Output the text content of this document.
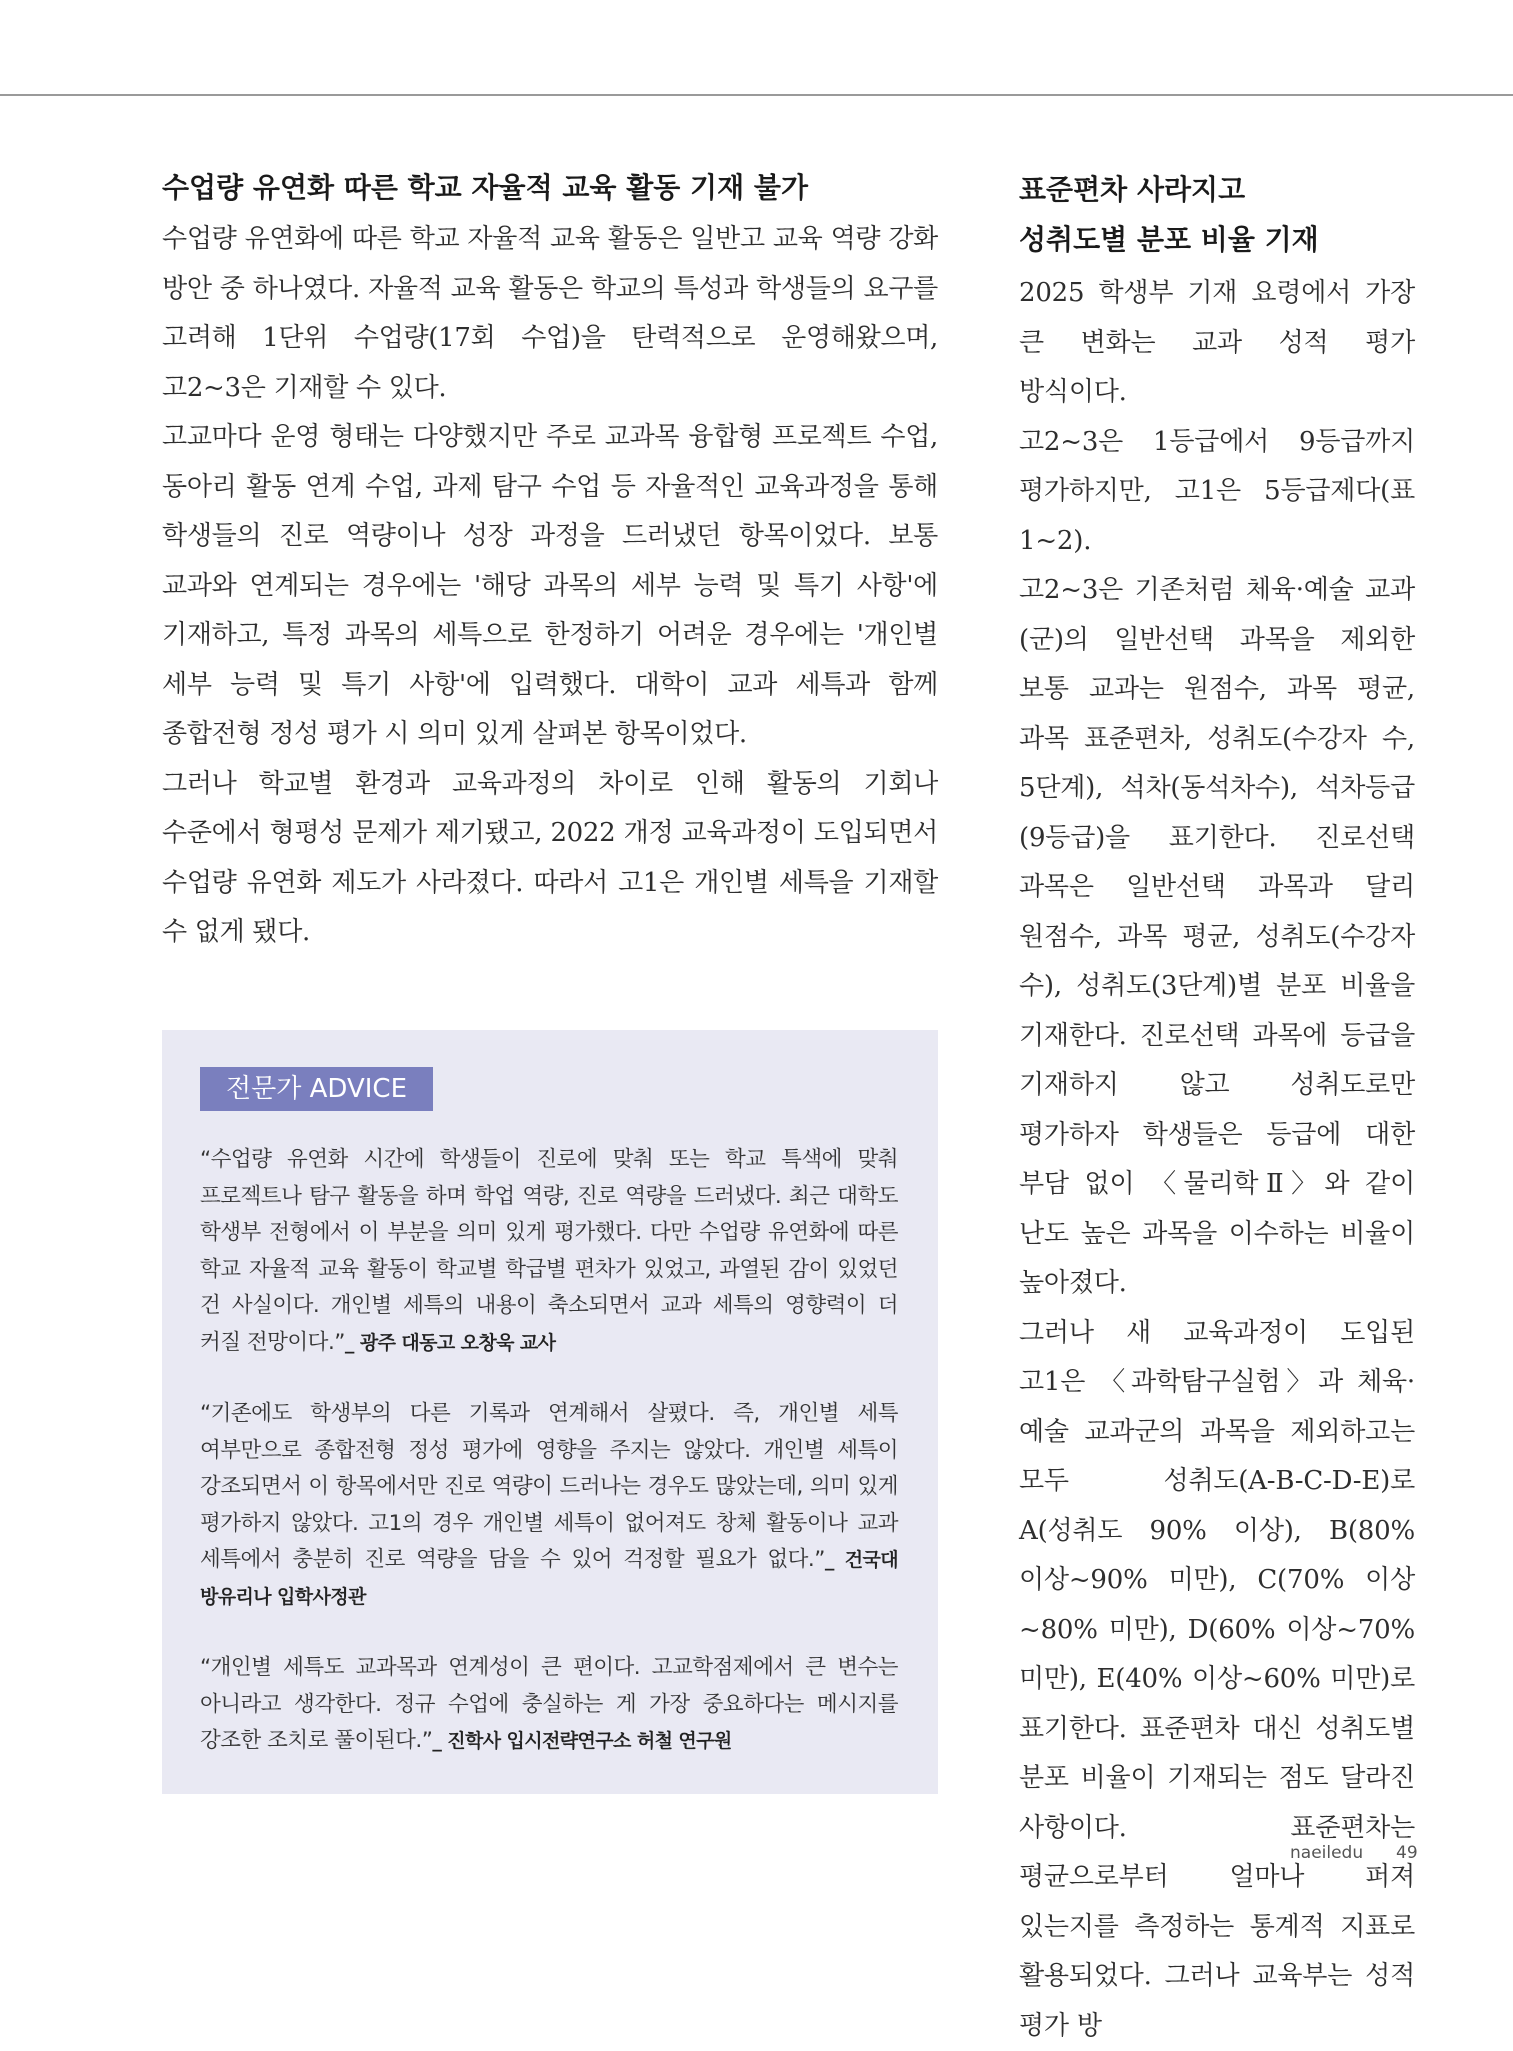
수업량 유연화 따른 학교 자율적 교육 활동 기재 불가

수업량 유연화에 따른 학교 자율적 교육 활동은 일반고 교육 역량 강화 방안 중 하나였다. 자율적 교육 활동은 학교의 특성과 학생들의 요구를 고려해 1단위 수업량(17회 수업)을 탄력적으로 운영해왔으며, 고2~3은 기재할 수 있다.

고교마다 운영 형태는 다양했지만 주로 교과목 융합형 프로젝트 수업, 동아리 활동 연계 수업, 과제 탐구 수업 등 자율적인 교육과정을 통해 학생들의 진로 역량이나 성장 과정을 드러냈던 항목이었다. 보통 교과와 연계되는 경우에는 '해당 과목의 세부 능력 및 특기 사항'에 기재하고, 특정 과목의 세특으로 한정하기 어려운 경우에는 '개인별 세부 능력 및 특기 사항'에 입력했다. 대학이 교과 세특과 함께 종합전형 정성 평가 시 의미 있게 살펴본 항목이었다.

그러나 학교별 환경과 교육과정의 차이로 인해 활동의 기회나 수준에서 형평성 문제가 제기됐고, 2022 개정 교육과정이 도입되면서 수업량 유연화 제도가 사라졌다. 따라서 고1은 개인별 세특을 기재할 수 없게 됐다.

전문가 ADVICE

“수업량 유연화 시간에 학생들이 진로에 맞춰 또는 학교 특색에 맞춰 프로젝트나 탐구 활동을 하며 학업 역량, 진로 역량을 드러냈다. 최근 대학도 학생부 전형에서 이 부분을 의미 있게 평가했다. 다만 수업량 유연화에 따른 학교 자율적 교육 활동이 학교별 학급별 편차가 있었고, 과열된 감이 있었던 건 사실이다. 개인별 세특의 내용이 축소되면서 교과 세특의 영향력이 더 커질 전망이다.”_ 광주 대동고 오창욱 교사

“기존에도 학생부의 다른 기록과 연계해서 살폈다. 즉, 개인별 세특 여부만으로 종합전형 정성 평가에 영향을 주지는 않았다. 개인별 세특이 강조되면서 이 항목에서만 진로 역량이 드러나는 경우도 많았는데, 의미 있게 평가하지 않았다. 고1의 경우 개인별 세특이 없어져도 창체 활동이나 교과 세특에서 충분히 진로 역량을 담을 수 있어 걱정할 필요가 없다.”_ 건국대 방유리나 입학사정관

“개인별 세특도 교과목과 연계성이 큰 편이다. 고교학점제에서 큰 변수는 아니라고 생각한다. 정규 수업에 충실하는 게 가장 중요하다는 메시지를 강조한 조치로 풀이된다.”_ 진학사 입시전략연구소 허철 연구원

표준편차 사라지고
성취도별 분포 비율 기재

2025 학생부 기재 요령에서 가장 큰 변화는 교과 성적 평가 방식이다.

고2~3은 1등급에서 9등급까지 평가하지만, 고1은 5등급제다(표 1~2).

고2~3은 기존처럼 체육·예술 교과(군)의 일반선택 과목을 제외한 보통 교과는 원점수, 과목 평균, 과목 표준편차, 성취도(수강자 수, 5단계), 석차(동석차수), 석차등급(9등급)을 표기한다. 진로선택 과목은 일반선택 과목과 달리 원점수, 과목 평균, 성취도(수강자 수), 성취도(3단계)별 분포 비율을 기재한다. 진로선택 과목에 등급을 기재하지 않고 성취도로만 평가하자 학생들은 등급에 대한 부담 없이 〈물리학Ⅱ〉와 같이 난도 높은 과목을 이수하는 비율이 높아졌다.

그러나 새 교육과정이 도입된 고1은 〈과학탐구실험〉과 체육·예술 교과군의 과목을 제외하고는 모두 성취도(A-B-C-D-E)로 A(성취도 90% 이상), B(80% 이상~90% 미만), C(70% 이상~80% 미만), D(60% 이상~70% 미만), E(40% 이상~60% 미만)로 표기한다. 표준편차 대신 성취도별 분포 비율이 기재되는 점도 달라진 사항이다. 표준편차는 평균으로부터 얼마나 퍼져 있는지를 측정하는 통계적 지표로 활용되었다. 그러나 교육부는 성적 평가 방

naeiledu 49
